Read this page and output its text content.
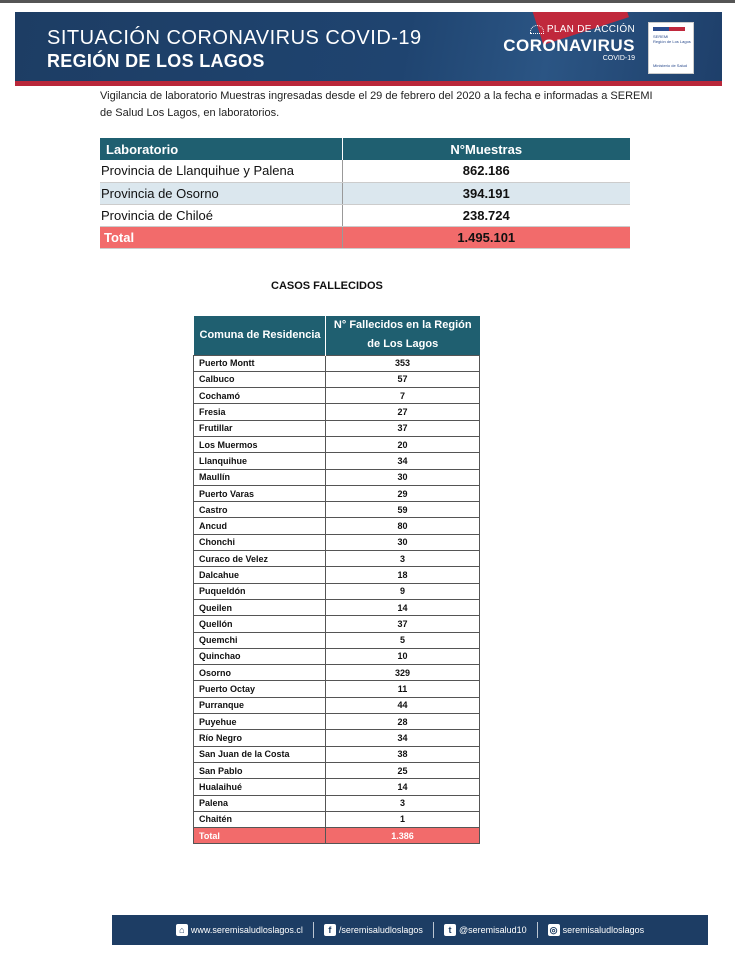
SITUACIÓN CORONAVIRUS COVID-19
REGIÓN DE LOS LAGOS
PLAN DE ACCIÓN
CORONAVIRUS
COVID-19
SEREMI
Región de Los Lagos
Ministerio de Salud

Vigilancia de laboratorio Muestras ingresadas desde el 29 de febrero del 2020 a la fecha e informadas a SEREMI de Salud Los Lagos, en laboratorios.

Laboratorio	N°Muestras
Provincia de Llanquihue y Palena	862.186
Provincia de Osorno	394.191
Provincia de Chiloé	238.724
Total	1.495.101
CASOS FALLECIDOS
Comuna de Residencia	N° Fallecidos en la Región de Los Lagos
Puerto Montt	353
Calbuco	57
Cochamó	7
Fresia	27
Frutillar	37
Los Muermos	20
Llanquihue	34
Maullín	30
Puerto Varas	29
Castro	59
Ancud	80
Chonchi	30
Curaco de Velez	3
Dalcahue	18
Puqueldón	9
Queilen	14
Quellón	37
Quemchi	5
Quinchao	10
Osorno	329
Puerto Octay	11
Purranque	44
Puyehue	28
Río Negro	34
San Juan de la Costa	38
San Pablo	25
Hualaihué	14
Palena	3
Chaitén	1
Total	1.386
⌂ www.seremisaludloslagos.cl	f /seremisaludloslagos	t @seremisalud10	◎ seremisaludloslagos
